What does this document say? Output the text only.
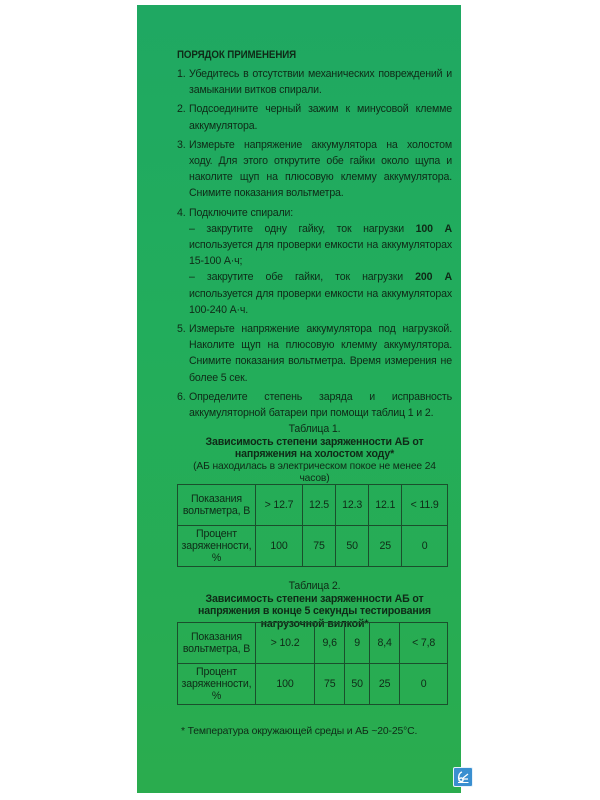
ПОРЯДОК ПРИМЕНЕНИЯ
1. Убедитесь в отсутствии механических повреждений и замыкании витков спирали.
2. Подсоедините черный зажим к минусовой клемме аккумулятора.
3. Измерьте напряжение аккумулятора на холостом ходу. Для этого открутите обе гайки около щупа и наколите щуп на плюсовую клемму аккумулятора. Снимите показания вольтметра.
4. Подключите спирали:
– закрутите одну гайку, ток нагрузки 100 А используется для проверки емкости на аккумуляторах 15-100 А·ч;
– закрутите обе гайки, ток нагрузки 200 А используется для проверки емкости на аккумуляторах 100-240 А·ч.
5. Измерьте напряжение аккумулятора под нагрузкой. Наколите щуп на плюсовую клемму аккумулятора. Снимите показания вольтметра. Время измерения не более 5 сек.
6. Определите степень заряда и исправность аккумуляторной батареи при помощи таблиц 1 и 2.
Таблица 1.
Зависимость степени заряженности АБ от напряжения на холостом ходу*
(АБ находилась в электрическом покое не менее 24 часов)
Показания вольтметра, В	> 12.7	12.5	12.3	12.1	< 11.9
Процент заряженности, %	100	75	50	25	0
Таблица 2.
Зависимость степени заряженности АБ от напряжения в конце 5 секунды тестирования нагрузочной вилкой*
Показания вольтметра, В	> 10.2	9,6	9	8,4	< 7,8
Процент заряженности, %	100	75	50	25	0
* Температура окружающей среды и АБ ~20-25°C.
